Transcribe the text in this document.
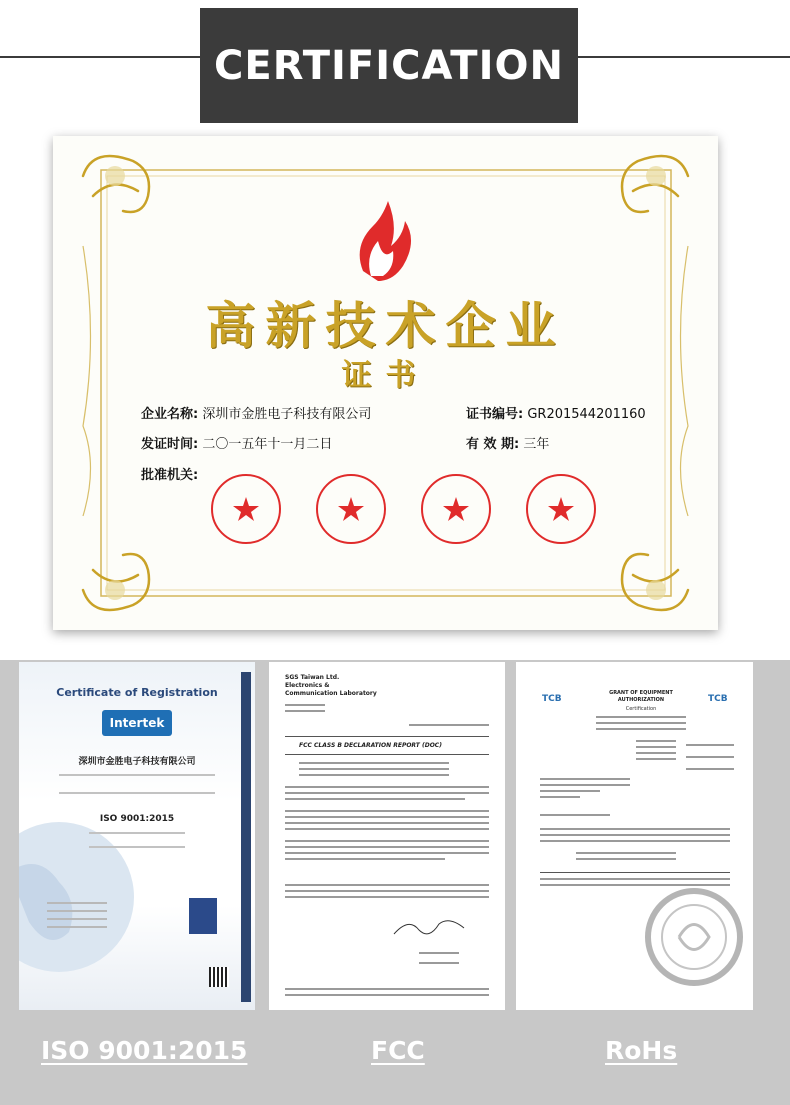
CERTIFICATION
高新技术企业
证书
企业名称: 深圳市金胜电子科技有限公司	证书编号: GR201544201160
发证时间: 二〇一五年十一月二日	有 效 期: 三年
批准机关:
Certificate of Registration
Intertek
深圳市金胜电子科技有限公司
ISO 9001:2015
SGS Taiwan Ltd.
Electronics &
Communication Laboratory
FCC CLASS B DECLARATION REPORT (DOC)
TCB	TCB
GRANT OF EQUIPMENT AUTHORIZATION
Certification
ISO 9001:2015	FCC	RoHs
